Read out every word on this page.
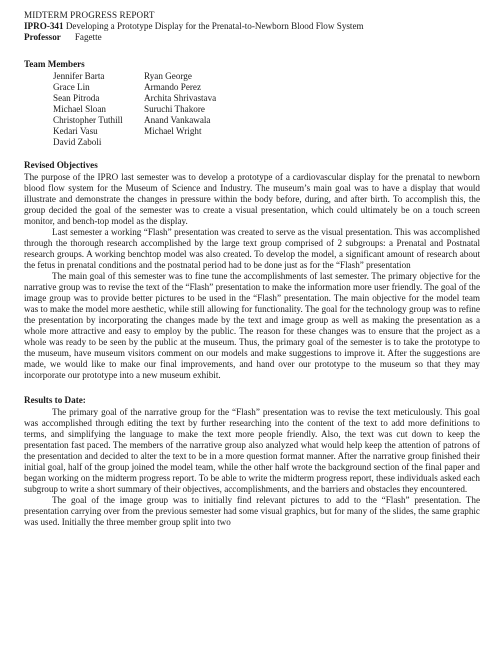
MIDTERM PROGRESS REPORT
IPRO-341 Developing a Prototype Display for the Prenatal-to-Newborn Blood Flow System
Professor Fagette
Team Members
Jennifer Barta
Grace Lin
Sean Pitroda
Michael Sloan
Christopher Tuthill
Kedari Vasu
David Zaboli
Ryan George
Armando Perez
Archita Shrivastava
Suruchi Thakore
Anand Vankawala
Michael Wright
Revised Objectives

The purpose of the IPRO last semester was to develop a prototype of a cardiovascular display for the prenatal to newborn blood flow system for the Museum of Science and Industry. The museum’s main goal was to have a display that would illustrate and demonstrate the changes in pressure within the body before, during, and after birth. To accomplish this, the group decided the goal of the semester was to create a visual presentation, which could ultimately be on a touch screen monitor, and bench-top model as the display.

Last semester a working “Flash” presentation was created to serve as the visual presentation. This was accomplished through the thorough research accomplished by the large text group comprised of 2 subgroups: a Prenatal and Postnatal research groups. A working benchtop model was also created. To develop the model, a significant amount of research about the fetus in prenatal conditions and the postnatal period had to be done just as for the “Flash” presentation

The main goal of this semester was to fine tune the accomplishments of last semester. The primary objective for the narrative group was to revise the text of the “Flash” presentation to make the information more user friendly. The goal of the image group was to provide better pictures to be used in the “Flash” presentation. The main objective for the model team was to make the model more aesthetic, while still allowing for functionality. The goal for the technology group was to refine the presentation by incorporating the changes made by the text and image group as well as making the presentation as a whole more attractive and easy to employ by the public. The reason for these changes was to ensure that the project as a whole was ready to be seen by the public at the museum. Thus, the primary goal of the semester is to take the prototype to the museum, have museum visitors comment on our models and make suggestions to improve it. After the suggestions are made, we would like to make our final improvements, and hand over our prototype to the museum so that they may incorporate our prototype into a new museum exhibit.

Results to Date:

The primary goal of the narrative group for the “Flash” presentation was to revise the text meticulously. This goal was accomplished through editing the text by further researching into the content of the text to add more definitions to terms, and simplifying the language to make the text more people friendly. Also, the text was cut down to keep the presentation fast paced. The members of the narrative group also analyzed what would help keep the attention of patrons of the presentation and decided to alter the text to be in a more question format manner. After the narrative group finished their initial goal, half of the group joined the model team, while the other half wrote the background section of the final paper and began working on the midterm progress report. To be able to write the midterm progress report, these individuals asked each subgroup to write a short summary of their objectives, accomplishments, and the barriers and obstacles they encountered.

The goal of the image group was to initially find relevant pictures to add to the “Flash” presentation. The presentation carrying over from the previous semester had some visual graphics, but for many of the slides, the same graphic was used. Initially the three member group split into two
